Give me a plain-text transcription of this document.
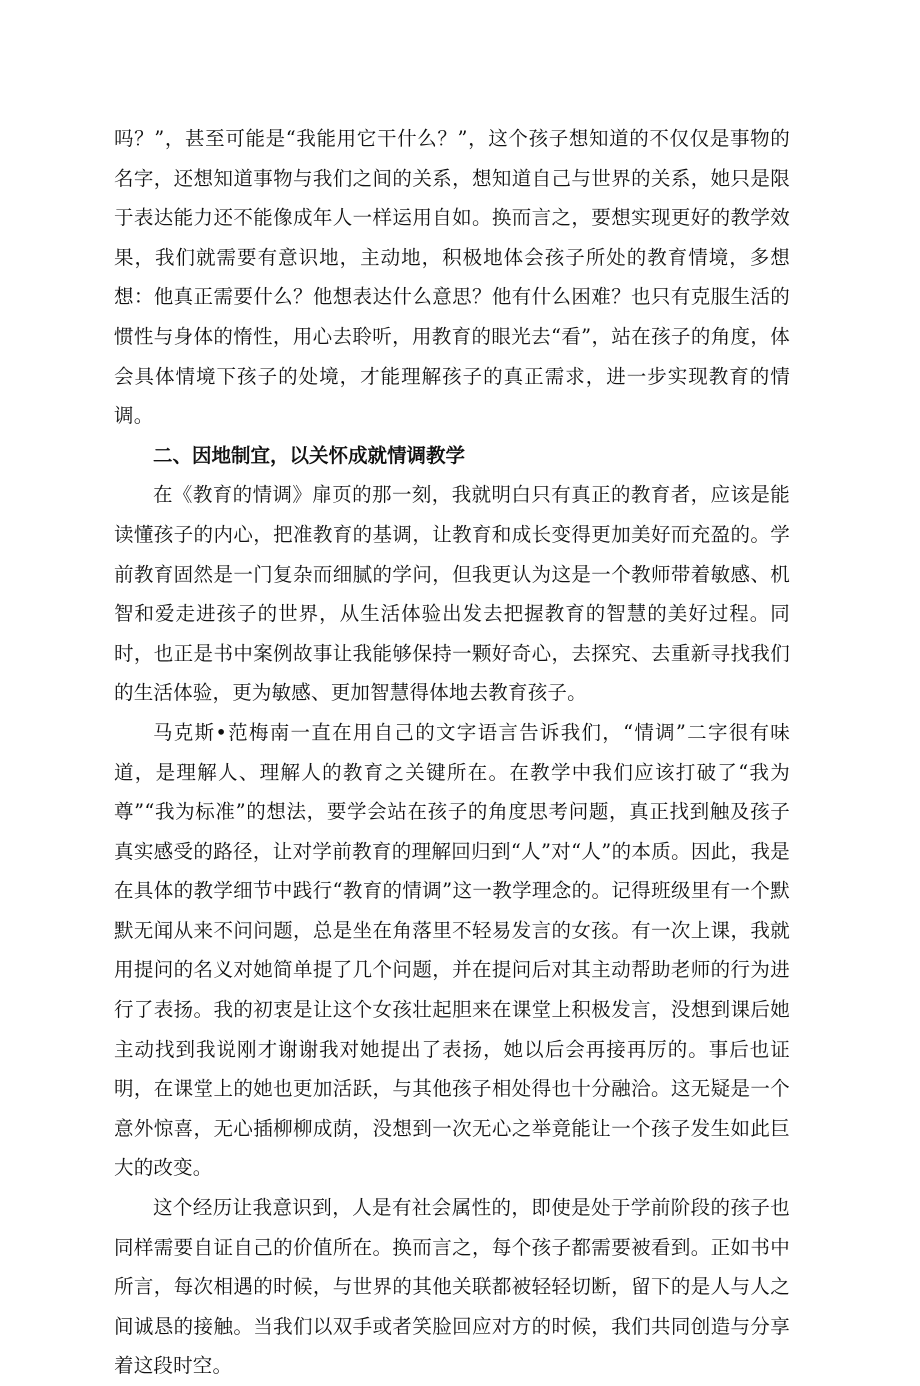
吗？”，甚至可能是“我能用它干什么？”，这个孩子想知道的不仅仅是事物的名字，还想知道事物与我们之间的关系，想知道自己与世界的关系，她只是限于表达能力还不能像成年人一样运用自如。换而言之，要想实现更好的教学效果，我们就需要有意识地，主动地，积极地体会孩子所处的教育情境，多想想：他真正需要什么？他想表达什么意思？他有什么困难？也只有克服生活的惯性与身体的惰性，用心去聆听，用教育的眼光去“看”，站在孩子的角度，体会具体情境下孩子的处境，才能理解孩子的真正需求，进一步实现教育的情调。

二、因地制宜，以关怀成就情调教学

在《教育的情调》扉页的那一刻，我就明白只有真正的教育者，应该是能读懂孩子的内心，把准教育的基调，让教育和成长变得更加美好而充盈的。学前教育固然是一门复杂而细腻的学问，但我更认为这是一个教师带着敏感、机智和爱走进孩子的世界，从生活体验出发去把握教育的智慧的美好过程。同时，也正是书中案例故事让我能够保持一颗好奇心，去探究、去重新寻找我们的生活体验，更为敏感、更加智慧得体地去教育孩子。

马克斯•范梅南一直在用自己的文字语言告诉我们，“情调”二字很有味道，是理解人、理解人的教育之关键所在。在教学中我们应该打破了“我为尊”“我为标准”的想法，要学会站在孩子的角度思考问题，真正找到触及孩子真实感受的路径，让对学前教育的理解回归到“人”对“人”的本质。因此，我是在具体的教学细节中践行“教育的情调”这一教学理念的。记得班级里有一个默默无闻从来不问问题，总是坐在角落里不轻易发言的女孩。有一次上课，我就用提问的名义对她简单提了几个问题，并在提问后对其主动帮助老师的行为进行了表扬。我的初衷是让这个女孩壮起胆来在课堂上积极发言，没想到课后她主动找到我说刚才谢谢我对她提出了表扬，她以后会再接再厉的。事后也证明，在课堂上的她也更加活跃，与其他孩子相处得也十分融洽。这无疑是一个意外惊喜，无心插柳柳成荫，没想到一次无心之举竟能让一个孩子发生如此巨大的改变。

这个经历让我意识到，人是有社会属性的，即使是处于学前阶段的孩子也同样需要自证自己的价值所在。换而言之，每个孩子都需要被看到。正如书中所言，每次相遇的时候，与世界的其他关联都被轻轻切断，留下的是人与人之间诚恳的接触。当我们以双手或者笑脸回应对方的时候，我们共同创造与分享着这段时空。
